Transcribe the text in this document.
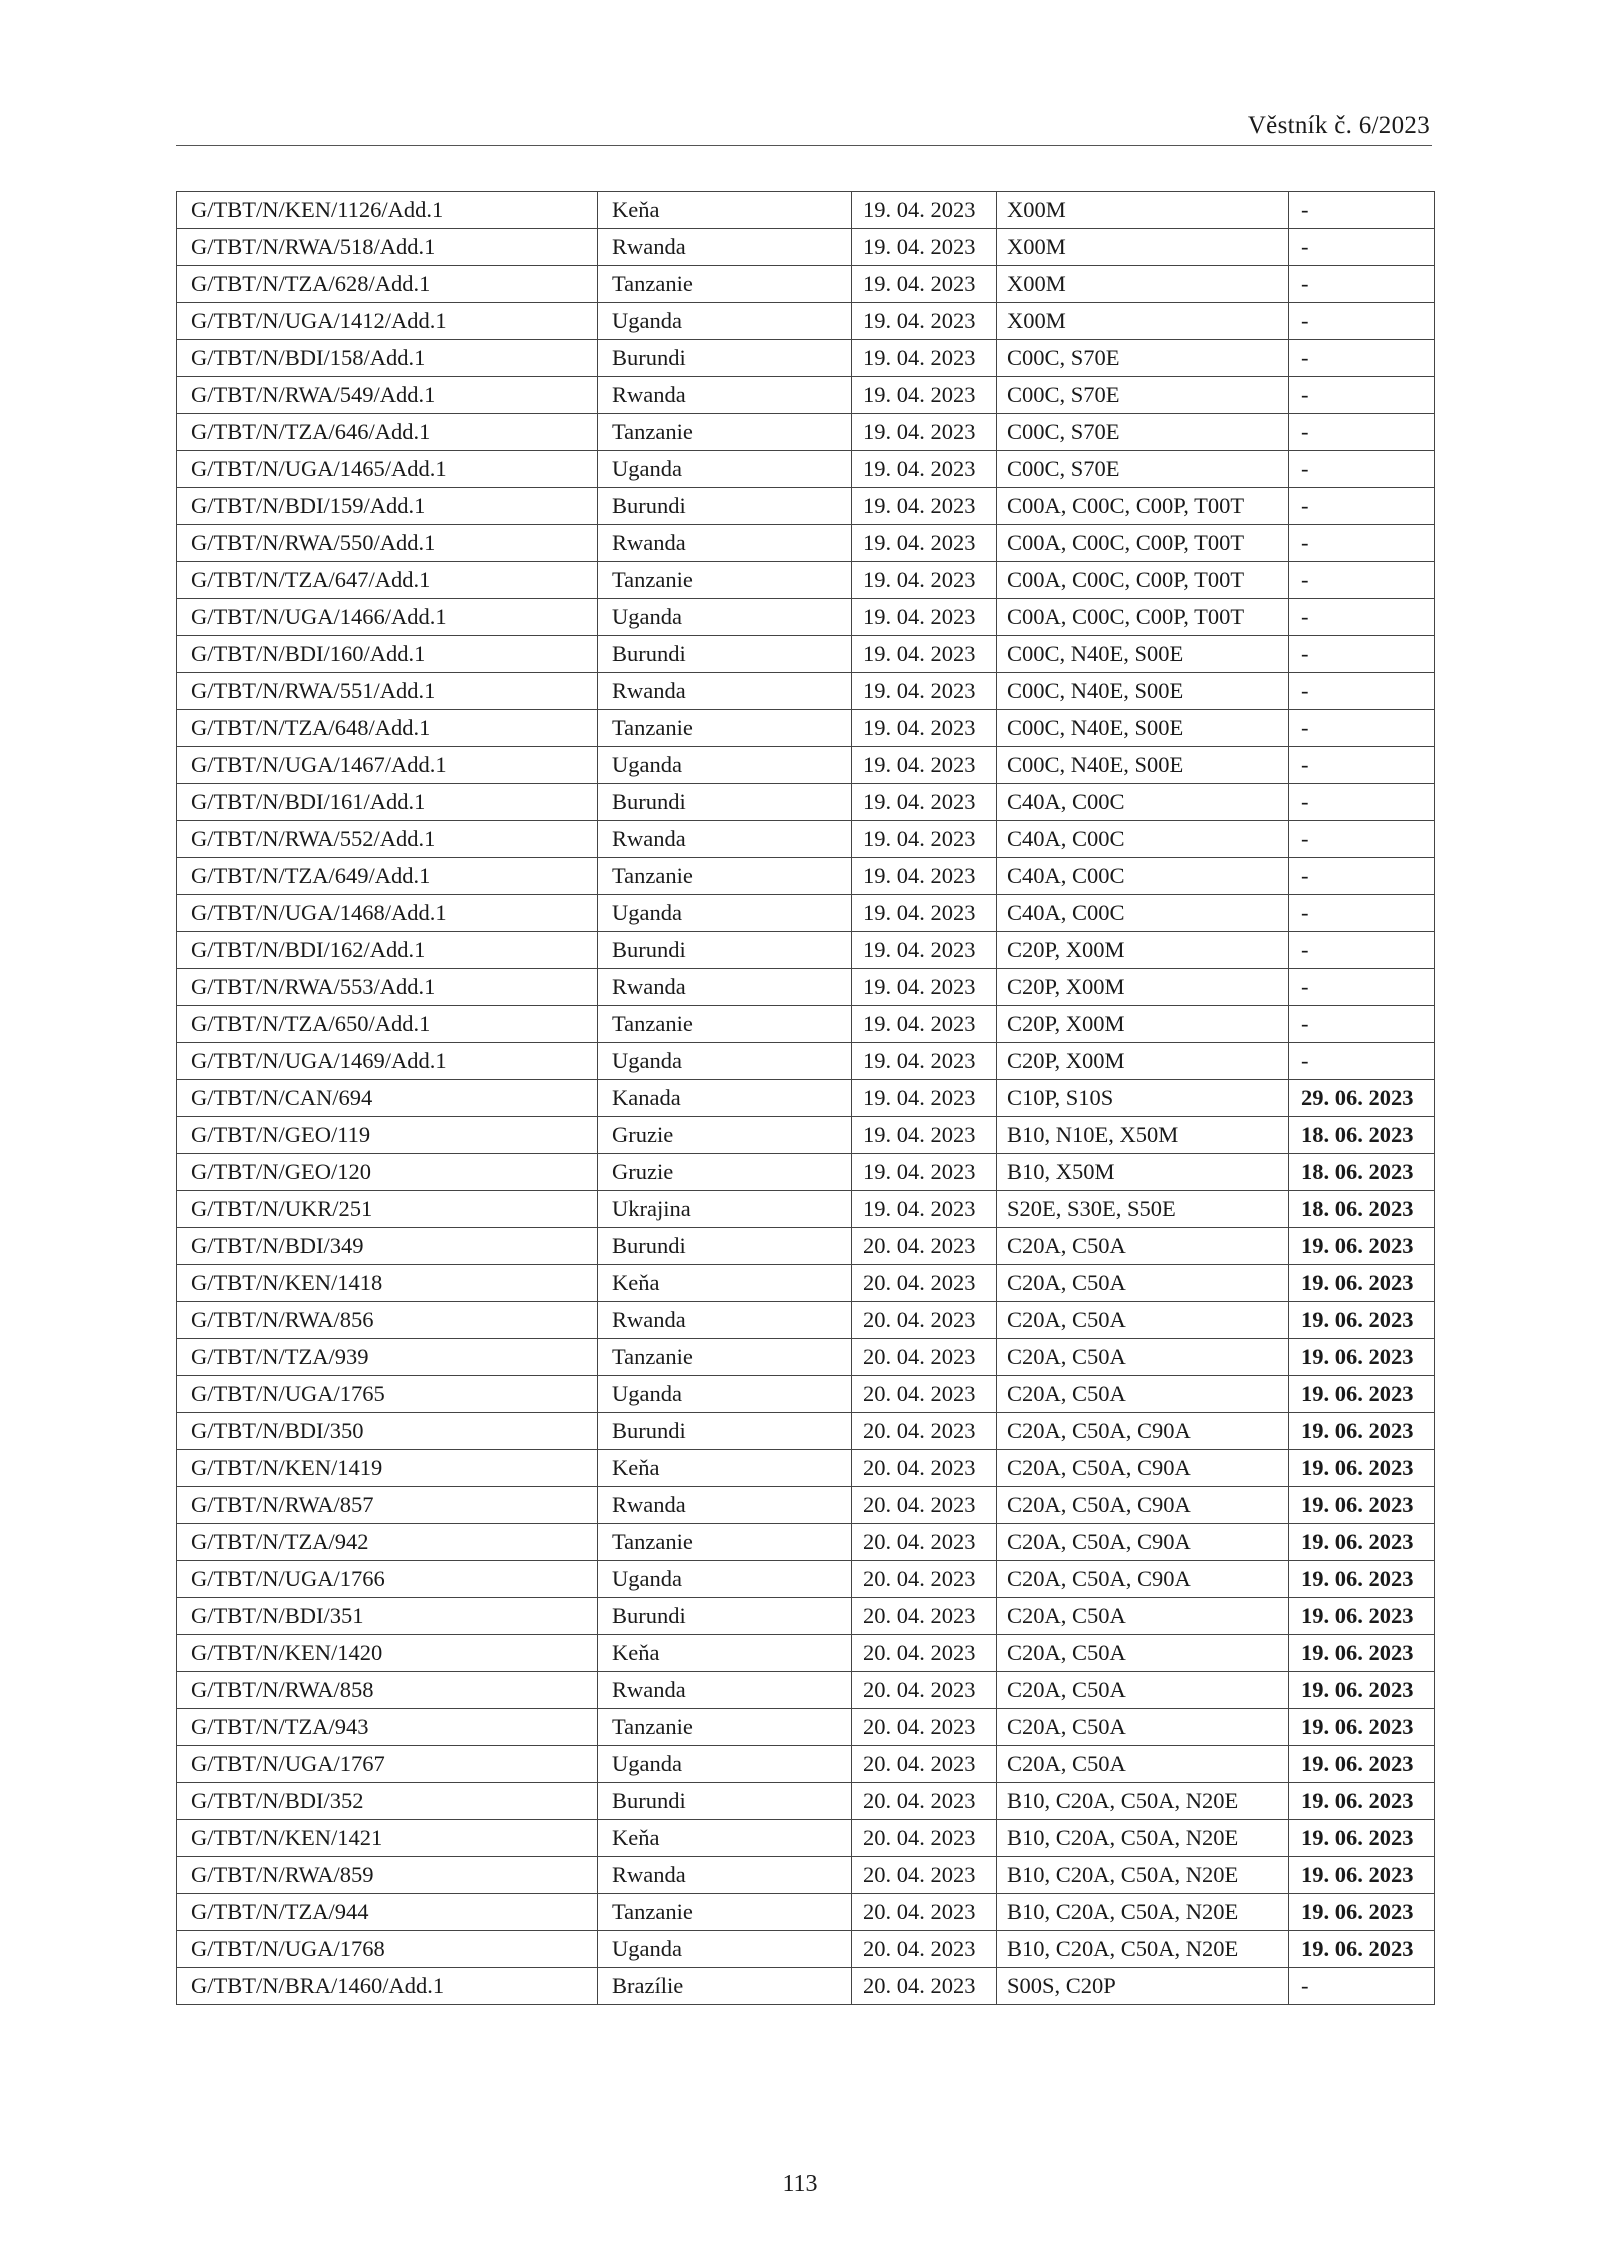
Věstník č. 6/2023
G/TBT/N/KEN/1126/Add.1	Keňa	19. 04. 2023	X00M	-
G/TBT/N/RWA/518/Add.1	Rwanda	19. 04. 2023	X00M	-
G/TBT/N/TZA/628/Add.1	Tanzanie	19. 04. 2023	X00M	-
G/TBT/N/UGA/1412/Add.1	Uganda	19. 04. 2023	X00M	-
G/TBT/N/BDI/158/Add.1	Burundi	19. 04. 2023	C00C, S70E	-
G/TBT/N/RWA/549/Add.1	Rwanda	19. 04. 2023	C00C, S70E	-
G/TBT/N/TZA/646/Add.1	Tanzanie	19. 04. 2023	C00C, S70E	-
G/TBT/N/UGA/1465/Add.1	Uganda	19. 04. 2023	C00C, S70E	-
G/TBT/N/BDI/159/Add.1	Burundi	19. 04. 2023	C00A, C00C, C00P, T00T	-
G/TBT/N/RWA/550/Add.1	Rwanda	19. 04. 2023	C00A, C00C, C00P, T00T	-
G/TBT/N/TZA/647/Add.1	Tanzanie	19. 04. 2023	C00A, C00C, C00P, T00T	-
G/TBT/N/UGA/1466/Add.1	Uganda	19. 04. 2023	C00A, C00C, C00P, T00T	-
G/TBT/N/BDI/160/Add.1	Burundi	19. 04. 2023	C00C, N40E, S00E	-
G/TBT/N/RWA/551/Add.1	Rwanda	19. 04. 2023	C00C, N40E, S00E	-
G/TBT/N/TZA/648/Add.1	Tanzanie	19. 04. 2023	C00C, N40E, S00E	-
G/TBT/N/UGA/1467/Add.1	Uganda	19. 04. 2023	C00C, N40E, S00E	-
G/TBT/N/BDI/161/Add.1	Burundi	19. 04. 2023	C40A, C00C	-
G/TBT/N/RWA/552/Add.1	Rwanda	19. 04. 2023	C40A, C00C	-
G/TBT/N/TZA/649/Add.1	Tanzanie	19. 04. 2023	C40A, C00C	-
G/TBT/N/UGA/1468/Add.1	Uganda	19. 04. 2023	C40A, C00C	-
G/TBT/N/BDI/162/Add.1	Burundi	19. 04. 2023	C20P, X00M	-
G/TBT/N/RWA/553/Add.1	Rwanda	19. 04. 2023	C20P, X00M	-
G/TBT/N/TZA/650/Add.1	Tanzanie	19. 04. 2023	C20P, X00M	-
G/TBT/N/UGA/1469/Add.1	Uganda	19. 04. 2023	C20P, X00M	-
G/TBT/N/CAN/694	Kanada	19. 04. 2023	C10P, S10S	29. 06. 2023
G/TBT/N/GEO/119	Gruzie	19. 04. 2023	B10, N10E, X50M	18. 06. 2023
G/TBT/N/GEO/120	Gruzie	19. 04. 2023	B10, X50M	18. 06. 2023
G/TBT/N/UKR/251	Ukrajina	19. 04. 2023	S20E, S30E, S50E	18. 06. 2023
G/TBT/N/BDI/349	Burundi	20. 04. 2023	C20A, C50A	19. 06. 2023
G/TBT/N/KEN/1418	Keňa	20. 04. 2023	C20A, C50A	19. 06. 2023
G/TBT/N/RWA/856	Rwanda	20. 04. 2023	C20A, C50A	19. 06. 2023
G/TBT/N/TZA/939	Tanzanie	20. 04. 2023	C20A, C50A	19. 06. 2023
G/TBT/N/UGA/1765	Uganda	20. 04. 2023	C20A, C50A	19. 06. 2023
G/TBT/N/BDI/350	Burundi	20. 04. 2023	C20A, C50A, C90A	19. 06. 2023
G/TBT/N/KEN/1419	Keňa	20. 04. 2023	C20A, C50A, C90A	19. 06. 2023
G/TBT/N/RWA/857	Rwanda	20. 04. 2023	C20A, C50A, C90A	19. 06. 2023
G/TBT/N/TZA/942	Tanzanie	20. 04. 2023	C20A, C50A, C90A	19. 06. 2023
G/TBT/N/UGA/1766	Uganda	20. 04. 2023	C20A, C50A, C90A	19. 06. 2023
G/TBT/N/BDI/351	Burundi	20. 04. 2023	C20A, C50A	19. 06. 2023
G/TBT/N/KEN/1420	Keňa	20. 04. 2023	C20A, C50A	19. 06. 2023
G/TBT/N/RWA/858	Rwanda	20. 04. 2023	C20A, C50A	19. 06. 2023
G/TBT/N/TZA/943	Tanzanie	20. 04. 2023	C20A, C50A	19. 06. 2023
G/TBT/N/UGA/1767	Uganda	20. 04. 2023	C20A, C50A	19. 06. 2023
G/TBT/N/BDI/352	Burundi	20. 04. 2023	B10, C20A, C50A, N20E	19. 06. 2023
G/TBT/N/KEN/1421	Keňa	20. 04. 2023	B10, C20A, C50A, N20E	19. 06. 2023
G/TBT/N/RWA/859	Rwanda	20. 04. 2023	B10, C20A, C50A, N20E	19. 06. 2023
G/TBT/N/TZA/944	Tanzanie	20. 04. 2023	B10, C20A, C50A, N20E	19. 06. 2023
G/TBT/N/UGA/1768	Uganda	20. 04. 2023	B10, C20A, C50A, N20E	19. 06. 2023
G/TBT/N/BRA/1460/Add.1	Brazílie	20. 04. 2023	S00S, C20P	-
113
